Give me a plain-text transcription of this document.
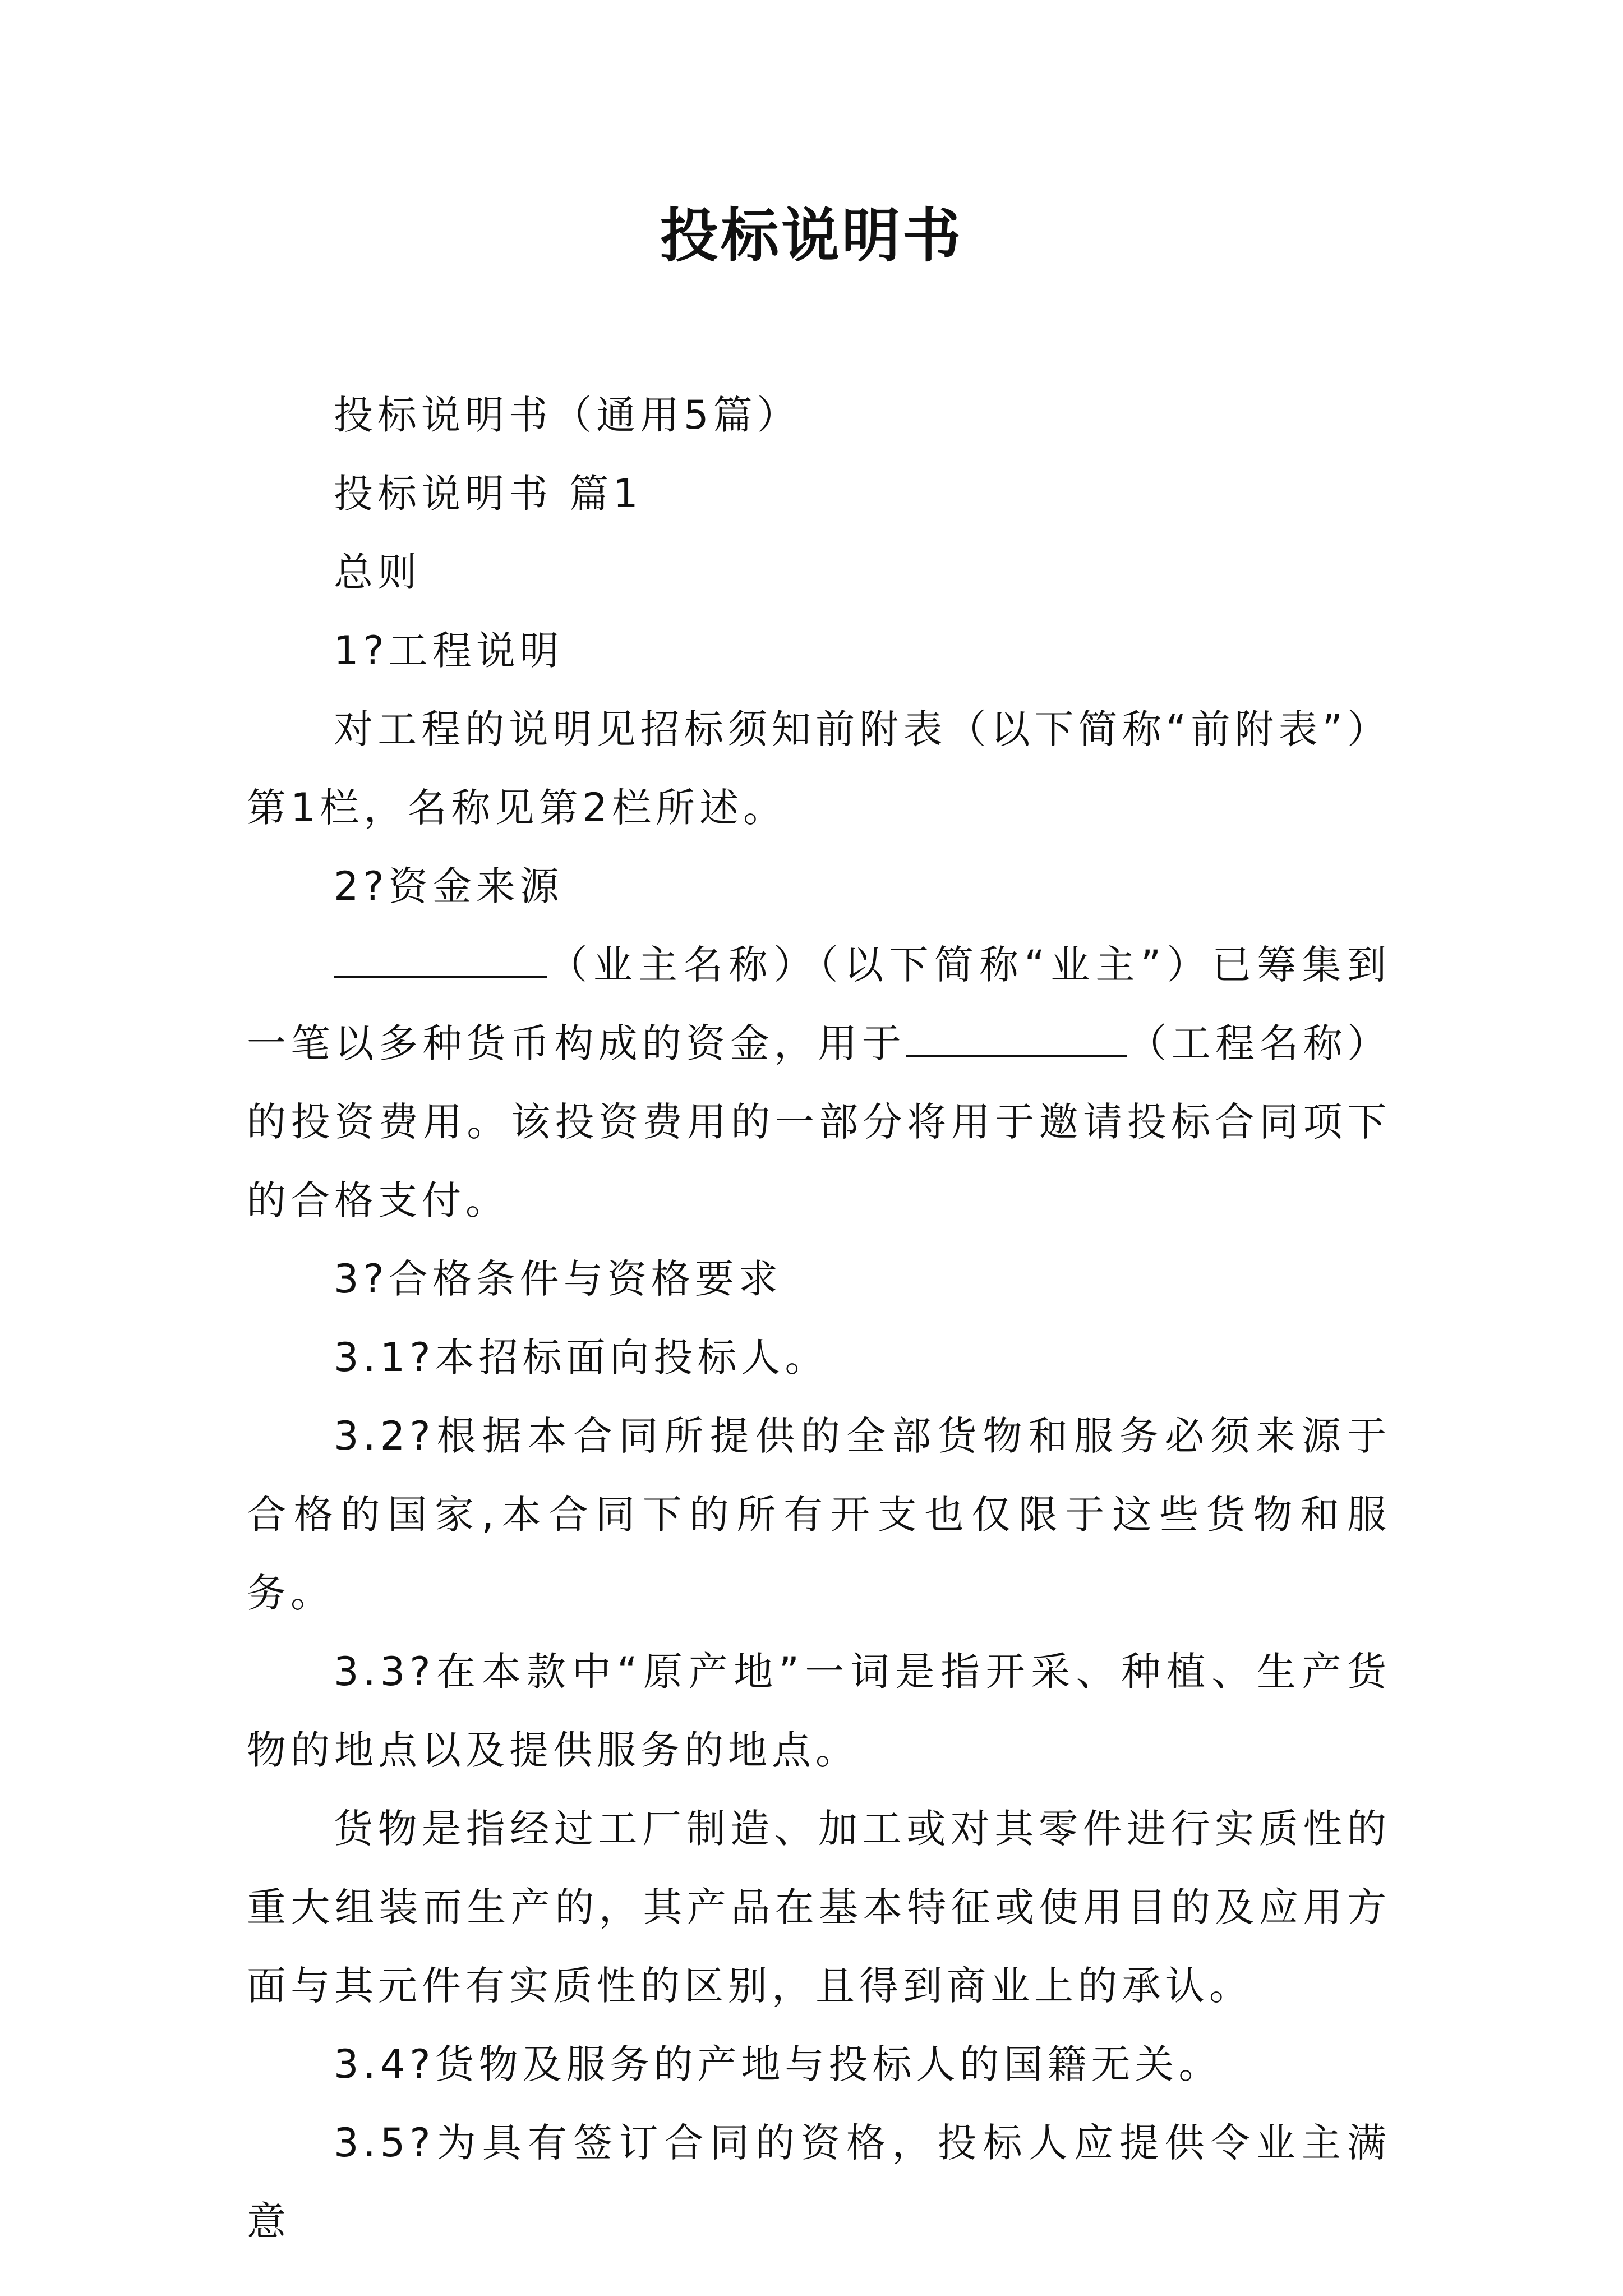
投标说明书

投标说明书（通用5篇）

投标说明书 篇1

总则

1?工程说明

对工程的说明见招标须知前附表（以下简称“前附表”）第1栏，名称见第2栏所述。

2?资金来源

（业主名称）（以下简称“业主”）已筹集到一笔以多种货币构成的资金，用于	（工程名称）的投资费用。该投资费用的一部分将用于邀请投标合同项下的合格支付。

3?合格条件与资格要求

3.1?本招标面向投标人。

3.2?根据本合同所提供的全部货物和服务必须来源于合格的国家,本合同下的所有开支也仅限于这些货物和服务。

3.3?在本款中“原产地”一词是指开采、种植、生产货物的地点以及提供服务的地点。

货物是指经过工厂制造、加工或对其零件进行实质性的重大组装而生产的，其产品在基本特征或使用目的及应用方面与其元件有实质性的区别，且得到商业上的承认。

3.4?货物及服务的产地与投标人的国籍无关。

3.5?为具有签订合同的资格，投标人应提供令业主满意
